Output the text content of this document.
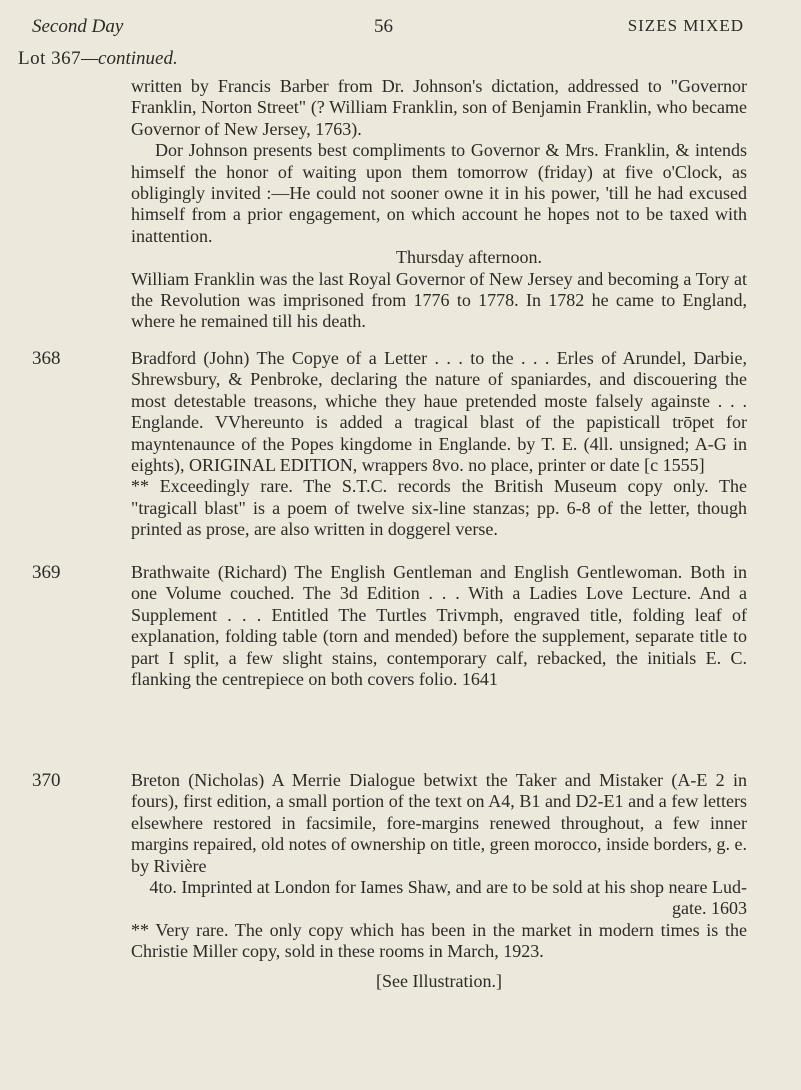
Second Day	56	SIZES MIXED
Lot 367—continued.

written by Francis Barber from Dr. Johnson's dictation, addressed to "Governor Franklin, Norton Street" (? William Franklin, son of Benjamin Franklin, who became Governor of New Jersey, 1763).

Dor Johnson presents best compliments to Governor & Mrs. Franklin, & intends himself the honor of waiting upon them tomorrow (friday) at five o'Clock, as obligingly invited :—He could not sooner owne it in his power, 'till he had excused himself from a prior engagement, on which account he hopes not to be taxed with inattention.

Thursday afternoon.

William Franklin was the last Royal Governor of New Jersey and becoming a Tory at the Revolution was imprisoned from 1776 to 1778. In 1782 he came to England, where he remained till his death.

368	Bradford (John) The Copye of a Letter . . . to the . . . Erles of Arundel, Darbie, Shrewsbury, & Penbroke, declaring the nature of spaniardes, and discouering the most detestable treasons, whiche they haue pretended moste falsely againste . . . Englande. VVhereunto is added a tragical blast of the papisticall trōpet for mayntenaunce of the Popes kingdome in Englande. by T. E. (4ll. unsigned; A-G in eights), ORIGINAL EDITION, wrappers 8vo. no place, printer or date [c 1555]

** Exceedingly rare. The S.T.C. records the British Museum copy only. The "tragicall blast" is a poem of twelve six-line stanzas; pp. 6-8 of the letter, though printed as prose, are also written in doggerel verse.

369	Brathwaite (Richard) The English Gentleman and English Gentlewoman. Both in one Volume couched. The 3d Edition . . . With a Ladies Love Lecture. And a Supplement . . . Entitled The Turtles Trivmph, engraved title, folding leaf of explanation, folding table (torn and mended) before the supplement, separate title to part I split, a few slight stains, contemporary calf, rebacked, the initials E. C. flanking the centrepiece on both covers folio. 1641

370	Breton (Nicholas) A Merrie Dialogue betwixt the Taker and Mistaker (A-E 2 in fours), first edition, a small portion of the text on A4, B1 and D2-E1 and a few letters elsewhere restored in facsimile, fore-margins renewed throughout, a few inner margins repaired, old notes of ownership on title, green morocco, inside borders, g. e. by Rivière

4to. Imprinted at London for Iames Shaw, and are to be sold at his shop neare Lud-gate. 1603

** Very rare. The only copy which has been in the market in modern times is the Christie Miller copy, sold in these rooms in March, 1923.

[See Illustration.]
